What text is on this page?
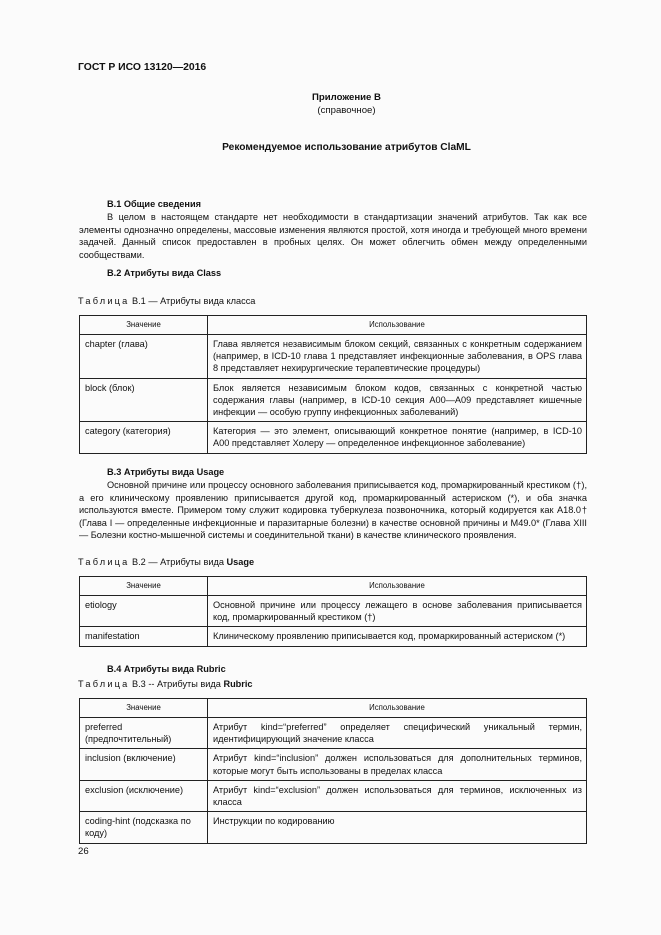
ГОСТ Р ИСО 13120—2016
Приложение В
(справочное)
Рекомендуемое использование атрибутов ClaML
В.1 Общие сведения
В целом в настоящем стандарте нет необходимости в стандартизации значений атрибутов. Так как все элементы однозначно определены, массовые изменения являются простой, хотя иногда и требующей много времени задачей. Данный список предоставлен в пробных целях. Он может облегчить обмен между определенными сообществами.
В.2 Атрибуты вида Class
Таблица В.1 — Атрибуты вида класса
Значение	Использование
chapter (глава)	Глава является независимым блоком секций, связанных с конкретным содержанием (например, в ICD-10 глава 1 представляет инфекционные заболевания, в OPS глава 8 представляет нехирургические терапевтические процедуры)
block (блок)	Блок является независимым блоком кодов, связанных с конкретной частью содержания главы (например, в ICD-10 секция А00—А09 представляет кишечные инфекции — особую группу инфекционных заболеваний)
category (категория)	Категория — это элемент, описывающий конкретное понятие (например, в ICD-10 А00 представляет Холеру — определенное инфекционное заболевание)
В.3 Атрибуты вида Usage
Основной причине или процессу основного заболевания приписывается код, промаркированный крестиком (†), а его клиническому проявлению приписывается другой код, промаркированный астериском (*), и оба значка используются вместе. Примером тому служит кодировка туберкулеза позвоночника, который кодируется как А18.0† (Глава I — определенные инфекционные и паразитарные болезни) в качестве основной причины и М49.0* (Глава XIII — Болезни костно-мышечной системы и соединительной ткани) в качестве клинического проявления.
Таблица В.2 — Атрибуты вида Usage
Значение	Использование
etiology	Основной причине или процессу лежащего в основе заболевания приписывается код, промаркированный крестиком (†)
manifestation	Клиническому проявлению приписывается код, промаркированный астериском (*)
В.4 Атрибуты вида Rubric
Таблица В.3 -- Атрибуты вида Rubric
Значение	Использование
preferred (предпочтительный)	Атрибут kind=“preferred” определяет специфический уникальный термин, идентифицирующий значение класса
inclusion (включение)	Атрибут kind=“inclusion” должен использоваться для дополнительных терминов, которые могут быть использованы в пределах класса
exclusion (исключение)	Атрибут kind=“exclusion” должен использоваться для терминов, исключенных из класса
coding-hint (подсказка по коду)	Инструкции по кодированию
26
